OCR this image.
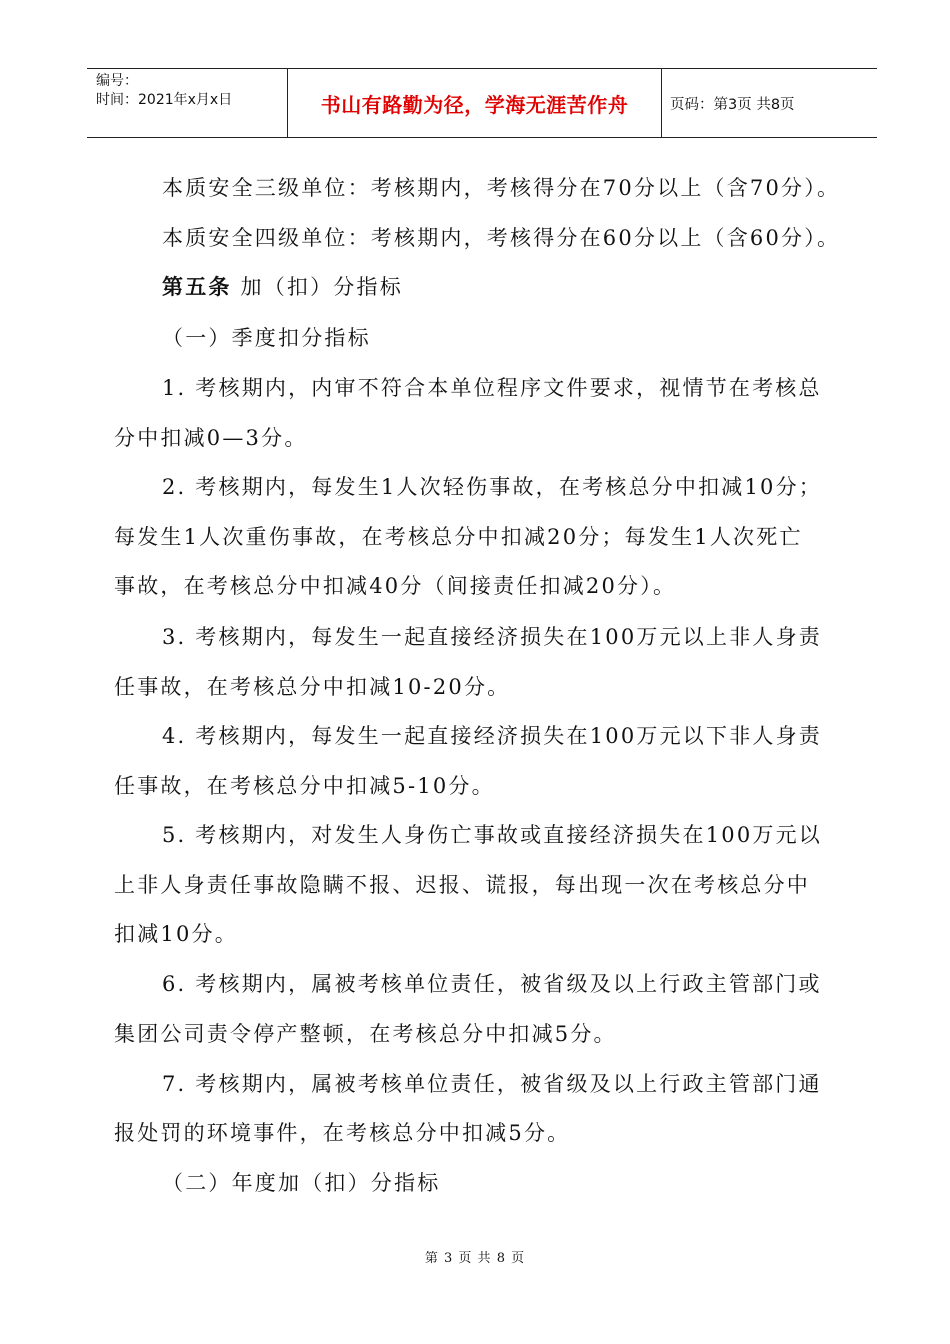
编号：
时间：2021年x月x日	书山有路勤为径，学海无涯苦作舟	页码：第3页 共8页
本质安全三级单位：考核期内，考核得分在70分以上（含70分）。
本质安全四级单位：考核期内，考核得分在60分以上（含60分）。
第五条 加（扣）分指标
（一）季度扣分指标
1. 考核期内，内审不符合本单位程序文件要求，视情节在考核总
分中扣减0—3分。
2. 考核期内，每发生1人次轻伤事故，在考核总分中扣减10分；
每发生1人次重伤事故，在考核总分中扣减20分；每发生1人次死亡
事故，在考核总分中扣减40分（间接责任扣减20分）。
3. 考核期内，每发生一起直接经济损失在100万元以上非人身责
任事故，在考核总分中扣减10-20分。
4. 考核期内，每发生一起直接经济损失在100万元以下非人身责
任事故，在考核总分中扣减5-10分。
5. 考核期内，对发生人身伤亡事故或直接经济损失在100万元以
上非人身责任事故隐瞒不报、迟报、谎报，每出现一次在考核总分中
扣减10分。
6. 考核期内，属被考核单位责任，被省级及以上行政主管部门或
集团公司责令停产整顿，在考核总分中扣减5分。
7. 考核期内，属被考核单位责任，被省级及以上行政主管部门通
报处罚的环境事件，在考核总分中扣减5分。
（二）年度加（扣）分指标
第 3 页 共 8 页
